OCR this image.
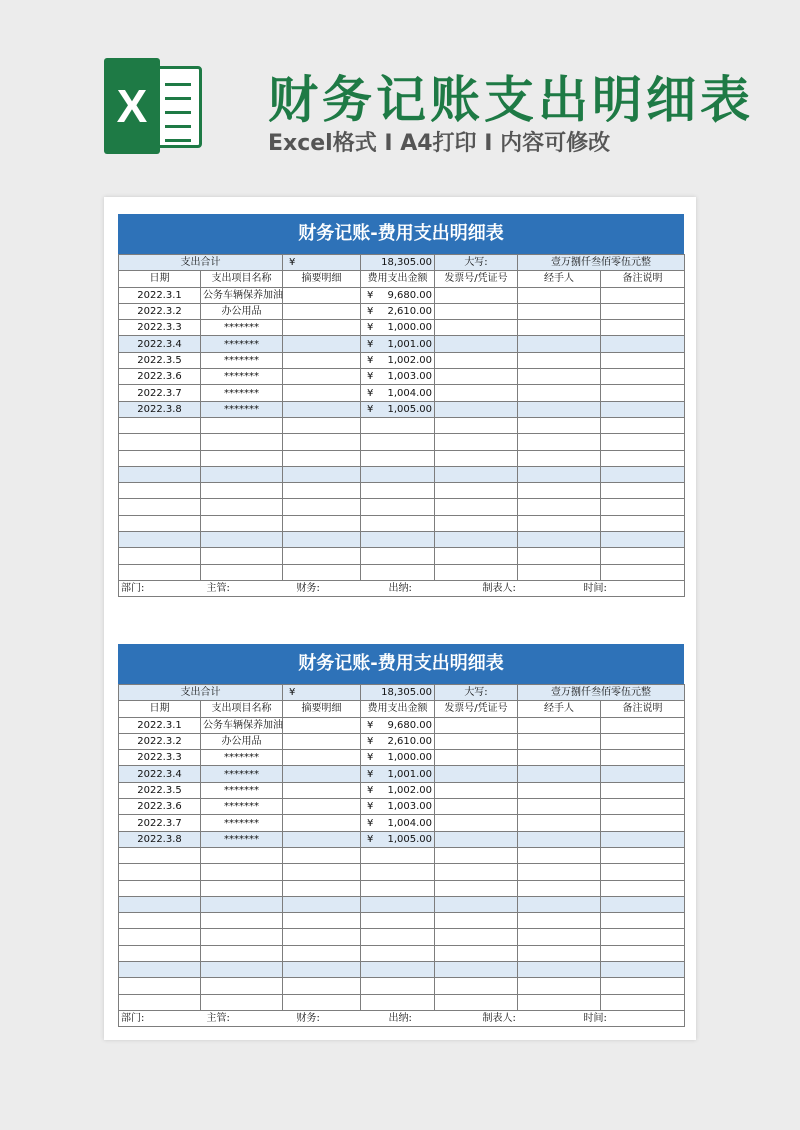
X 财务记账支出明细表
Excel格式 I A4打印 I 内容可修改
财务记账-费用支出明细表
支出合计		¥	18,305.00	大写:	壹万捌仟叁佰零伍元整	
日期	支出项目名称	摘要明细	费用支出金额	发票号/凭证号	经手人	备注说明
2022.3.1	公务车辆保养加油		¥ 9,680.00			

2022.3.2	办公用品		¥ 2,610.00			

2022.3.3	*******		¥ 1,000.00			

2022.3.4	*******		¥ 1,001.00			

2022.3.5	*******		¥ 1,002.00			

2022.3.6	*******		¥ 1,003.00			

2022.3.7	*******		¥ 1,004.00			

2022.3.8	*******		¥ 1,005.00			

部门:	主管:	财务:	出纳:	制表人:	时间:	
财务记账-费用支出明细表
支出合计		¥	18,305.00	大写:	壹万捌仟叁佰零伍元整	
日期	支出项目名称	摘要明细	费用支出金额	发票号/凭证号	经手人	备注说明
2022.3.1	公务车辆保养加油		¥ 9,680.00			

2022.3.2	办公用品		¥ 2,610.00			

2022.3.3	*******		¥ 1,000.00			

2022.3.4	*******		¥ 1,001.00			

2022.3.5	*******		¥ 1,002.00			

2022.3.6	*******		¥ 1,003.00			

2022.3.7	*******		¥ 1,004.00			

2022.3.8	*******		¥ 1,005.00			

部门:	主管:	财务:	出纳:	制表人:	时间:	
